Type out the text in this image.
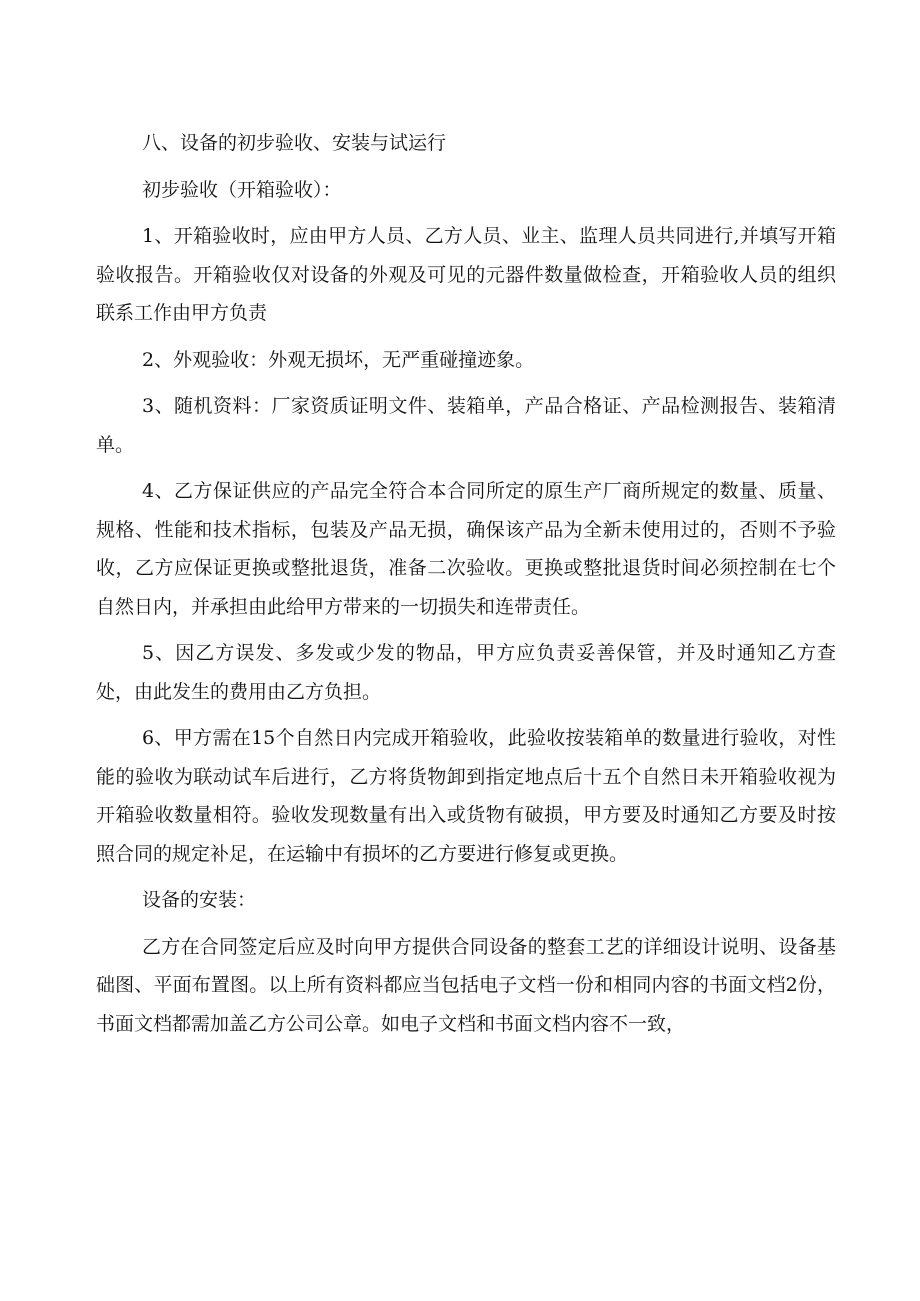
八、设备的初步验收、安装与试运行

初步验收（开箱验收）：

1、开箱验收时，应由甲方人员、乙方人员、业主、监理人员共同进行,并填写开箱验收报告。开箱验收仅对设备的外观及可见的元器件数量做检查，开箱验收人员的组织联系工作由甲方负责

2、外观验收：外观无损坏，无严重碰撞迹象。

3、随机资料：厂家资质证明文件、装箱单，产品合格证、产品检测报告、装箱清单。

4、乙方保证供应的产品完全符合本合同所定的原生产厂商所规定的数量、质量、规格、性能和技术指标，包装及产品无损，确保该产品为全新未使用过的，否则不予验收，乙方应保证更换或整批退货，准备二次验收。更换或整批退货时间必须控制在七个自然日内，并承担由此给甲方带来的一切损失和连带责任。

5、因乙方误发、多发或少发的物品，甲方应负责妥善保管，并及时通知乙方查处，由此发生的费用由乙方负担。

6、甲方需在15个自然日内完成开箱验收，此验收按装箱单的数量进行验收，对性能的验收为联动试车后进行，乙方将货物卸到指定地点后十五个自然日未开箱验收视为开箱验收数量相符。验收发现数量有出入或货物有破损，甲方要及时通知乙方要及时按照合同的规定补足，在运输中有损坏的乙方要进行修复或更换。

设备的安装：

乙方在合同签定后应及时向甲方提供合同设备的整套工艺的详细设计说明、设备基础图、平面布置图。以上所有资料都应当包括电子文档一份和相同内容的书面文档2份，书面文档都需加盖乙方公司公章。如电子文档和书面文档内容不一致，
